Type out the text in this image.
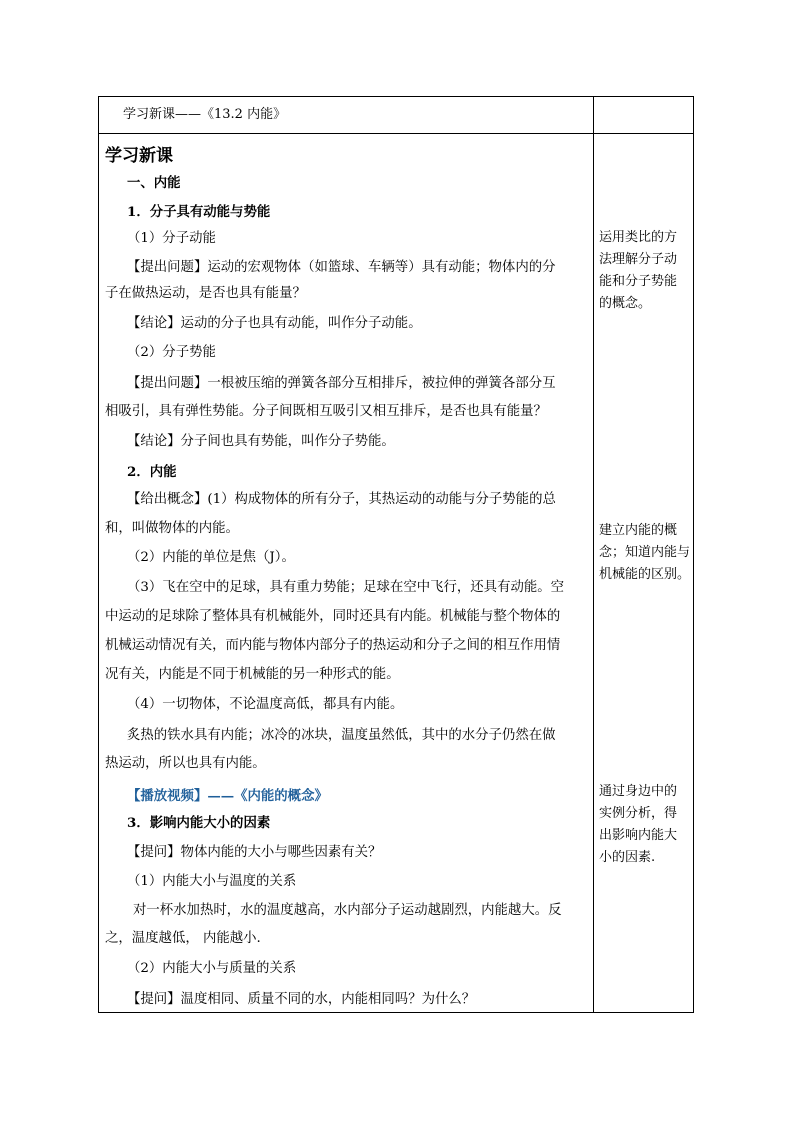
学习新课——《13.2 内能》
学习新课
一、内能
1．分子具有动能与势能
（1）分子动能
【提出问题】运动的宏观物体（如篮球、车辆等）具有动能；物体内的分
子在做热运动，是否也具有能量？
【结论】运动的分子也具有动能，叫作分子动能。
（2）分子势能
【提出问题】一根被压缩的弹簧各部分互相排斥，被拉伸的弹簧各部分互
相吸引，具有弹性势能。分子间既相互吸引又相互排斥，是否也具有能量？
【结论】分子间也具有势能，叫作分子势能。
2．内能
【给出概念】(1）构成物体的所有分子，其热运动的动能与分子势能的总
和，叫做物体的内能。
（2）内能的单位是焦（J）。
（3）飞在空中的足球，具有重力势能；足球在空中飞行，还具有动能。空
中运动的足球除了整体具有机械能外，同时还具有内能。机械能与整个物体的
机械运动情况有关，而内能与物体内部分子的热运动和分子之间的相互作用情
况有关，内能是不同于机械能的另一种形式的能。
（4）一切物体，不论温度高低，都具有内能。
炙热的铁水具有内能；冰冷的冰块，温度虽然低，其中的水分子仍然在做
热运动，所以也具有内能。
【播放视频】——《内能的概念》
3．影响内能大小的因素
【提问】物体内能的大小与哪些因素有关？
（1）内能大小与温度的关系
对一杯水加热时，水的温度越高，水内部分子运动越剧烈，内能越大。反
之，温度越低， 内能越小.
（2）内能大小与质量的关系
【提问】温度相同、质量不同的水，内能相同吗？为什么？
运用类比的方
法理解分子动
能和分子势能
的概念。
建立内能的概
念；知道内能与
机械能的区别。
通过身边中的
实例分析，得
出影响内能大
小的因素.
